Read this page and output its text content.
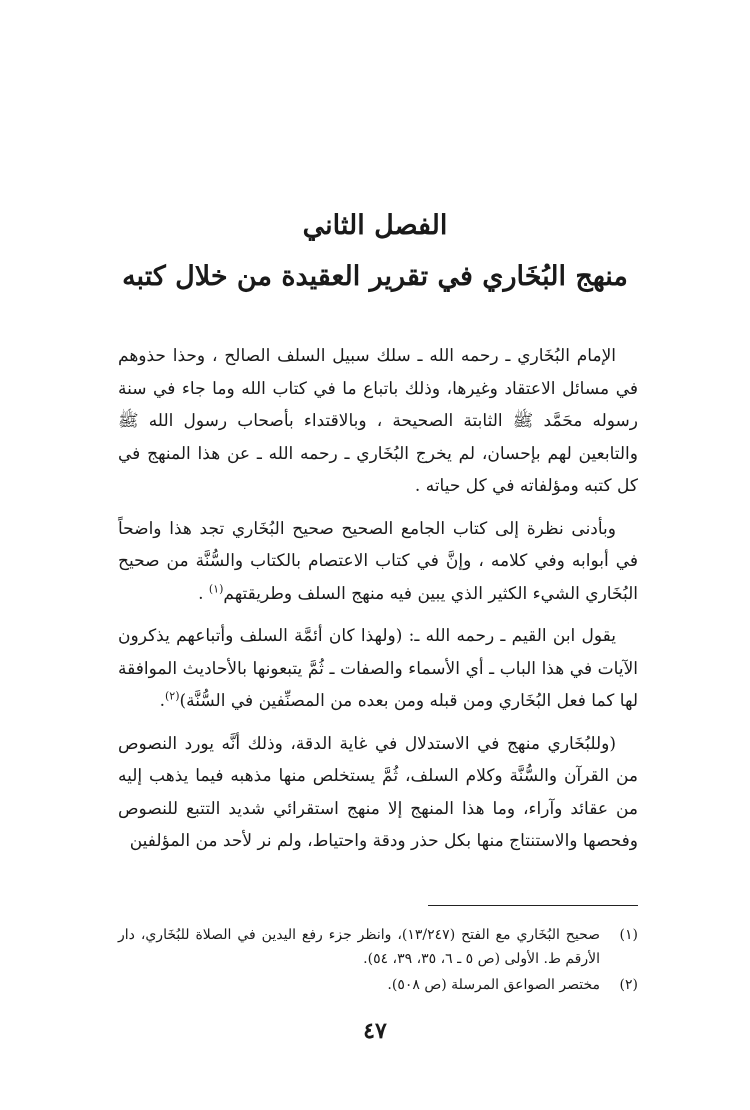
الفصل الثاني
منهج البُخَاري في تقرير العقيدة من خلال كتبه

الإمام البُخَاري ـ رحمه الله ـ سلك سبيل السلف الصالح ، وحذا حذوهم في مسائل الاعتقاد وغيرها، وذلك باتباع ما في كتاب الله وما جاء في سنة رسوله محَمَّد ﷺ الثابتة الصحيحة ، وبالاقتداء بأصحاب رسول الله ﷺ والتابعين لهم بإحسان، لم يخرج البُخَاري ـ رحمه الله ـ عن هذا المنهج في كل كتبه ومؤلفاته في كل حياته .

وبأدنى نظرة إلى كتاب الجامع الصحيح صحيح البُخَاري تجد هذا واضحاً في أبوابه وفي كلامه ، وإنَّ في كتاب الاعتصام بالكتاب والسُّنَّة من صحيح البُخَاري الشيء الكثير الذي يبين فيه منهج السلف وطريقتهم$^{(١)}$ .

يقول ابن القيم ـ رحمه الله ـ: (ولهذا كان أئمَّة السلف وأتباعهم يذكرون الآيات في هذا الباب ـ أي الأسماء والصفات ـ ثُمَّ يتبعونها بالأحاديث الموافقة لها كما فعل البُخَاري ومن قبله ومن بعده من المصنِّفين في السُّنَّة)$^{(٢)}$.

(وللبُخَاري منهج في الاستدلال في غاية الدقة، وذلك أنَّه يورد النصوص من القرآن والسُّنَّة وكلام السلف، ثُمَّ يستخلص منها مذهبه فيما يذهب إليه من عقائد وآراء، وما هذا المنهج إلا منهج استقرائي شديد التتبع للنصوص وفحصها والاستنتاج منها بكل حذر ودقة واحتياط، ولم نر لأحد من المؤلفين

(١)
صحيح البُخَاري مع الفتح (١٣/٢٤٧)، وانظر جزء رفع اليدين في الصلاة للبُخَاري، دار الأرقم ط. الأولى (ص ٥ ـ ٦، ٣٥، ٣٩، ٥٤).
(٢)
مختصر الصواعق المرسلة (ص ٥٠٨).
٤٧
